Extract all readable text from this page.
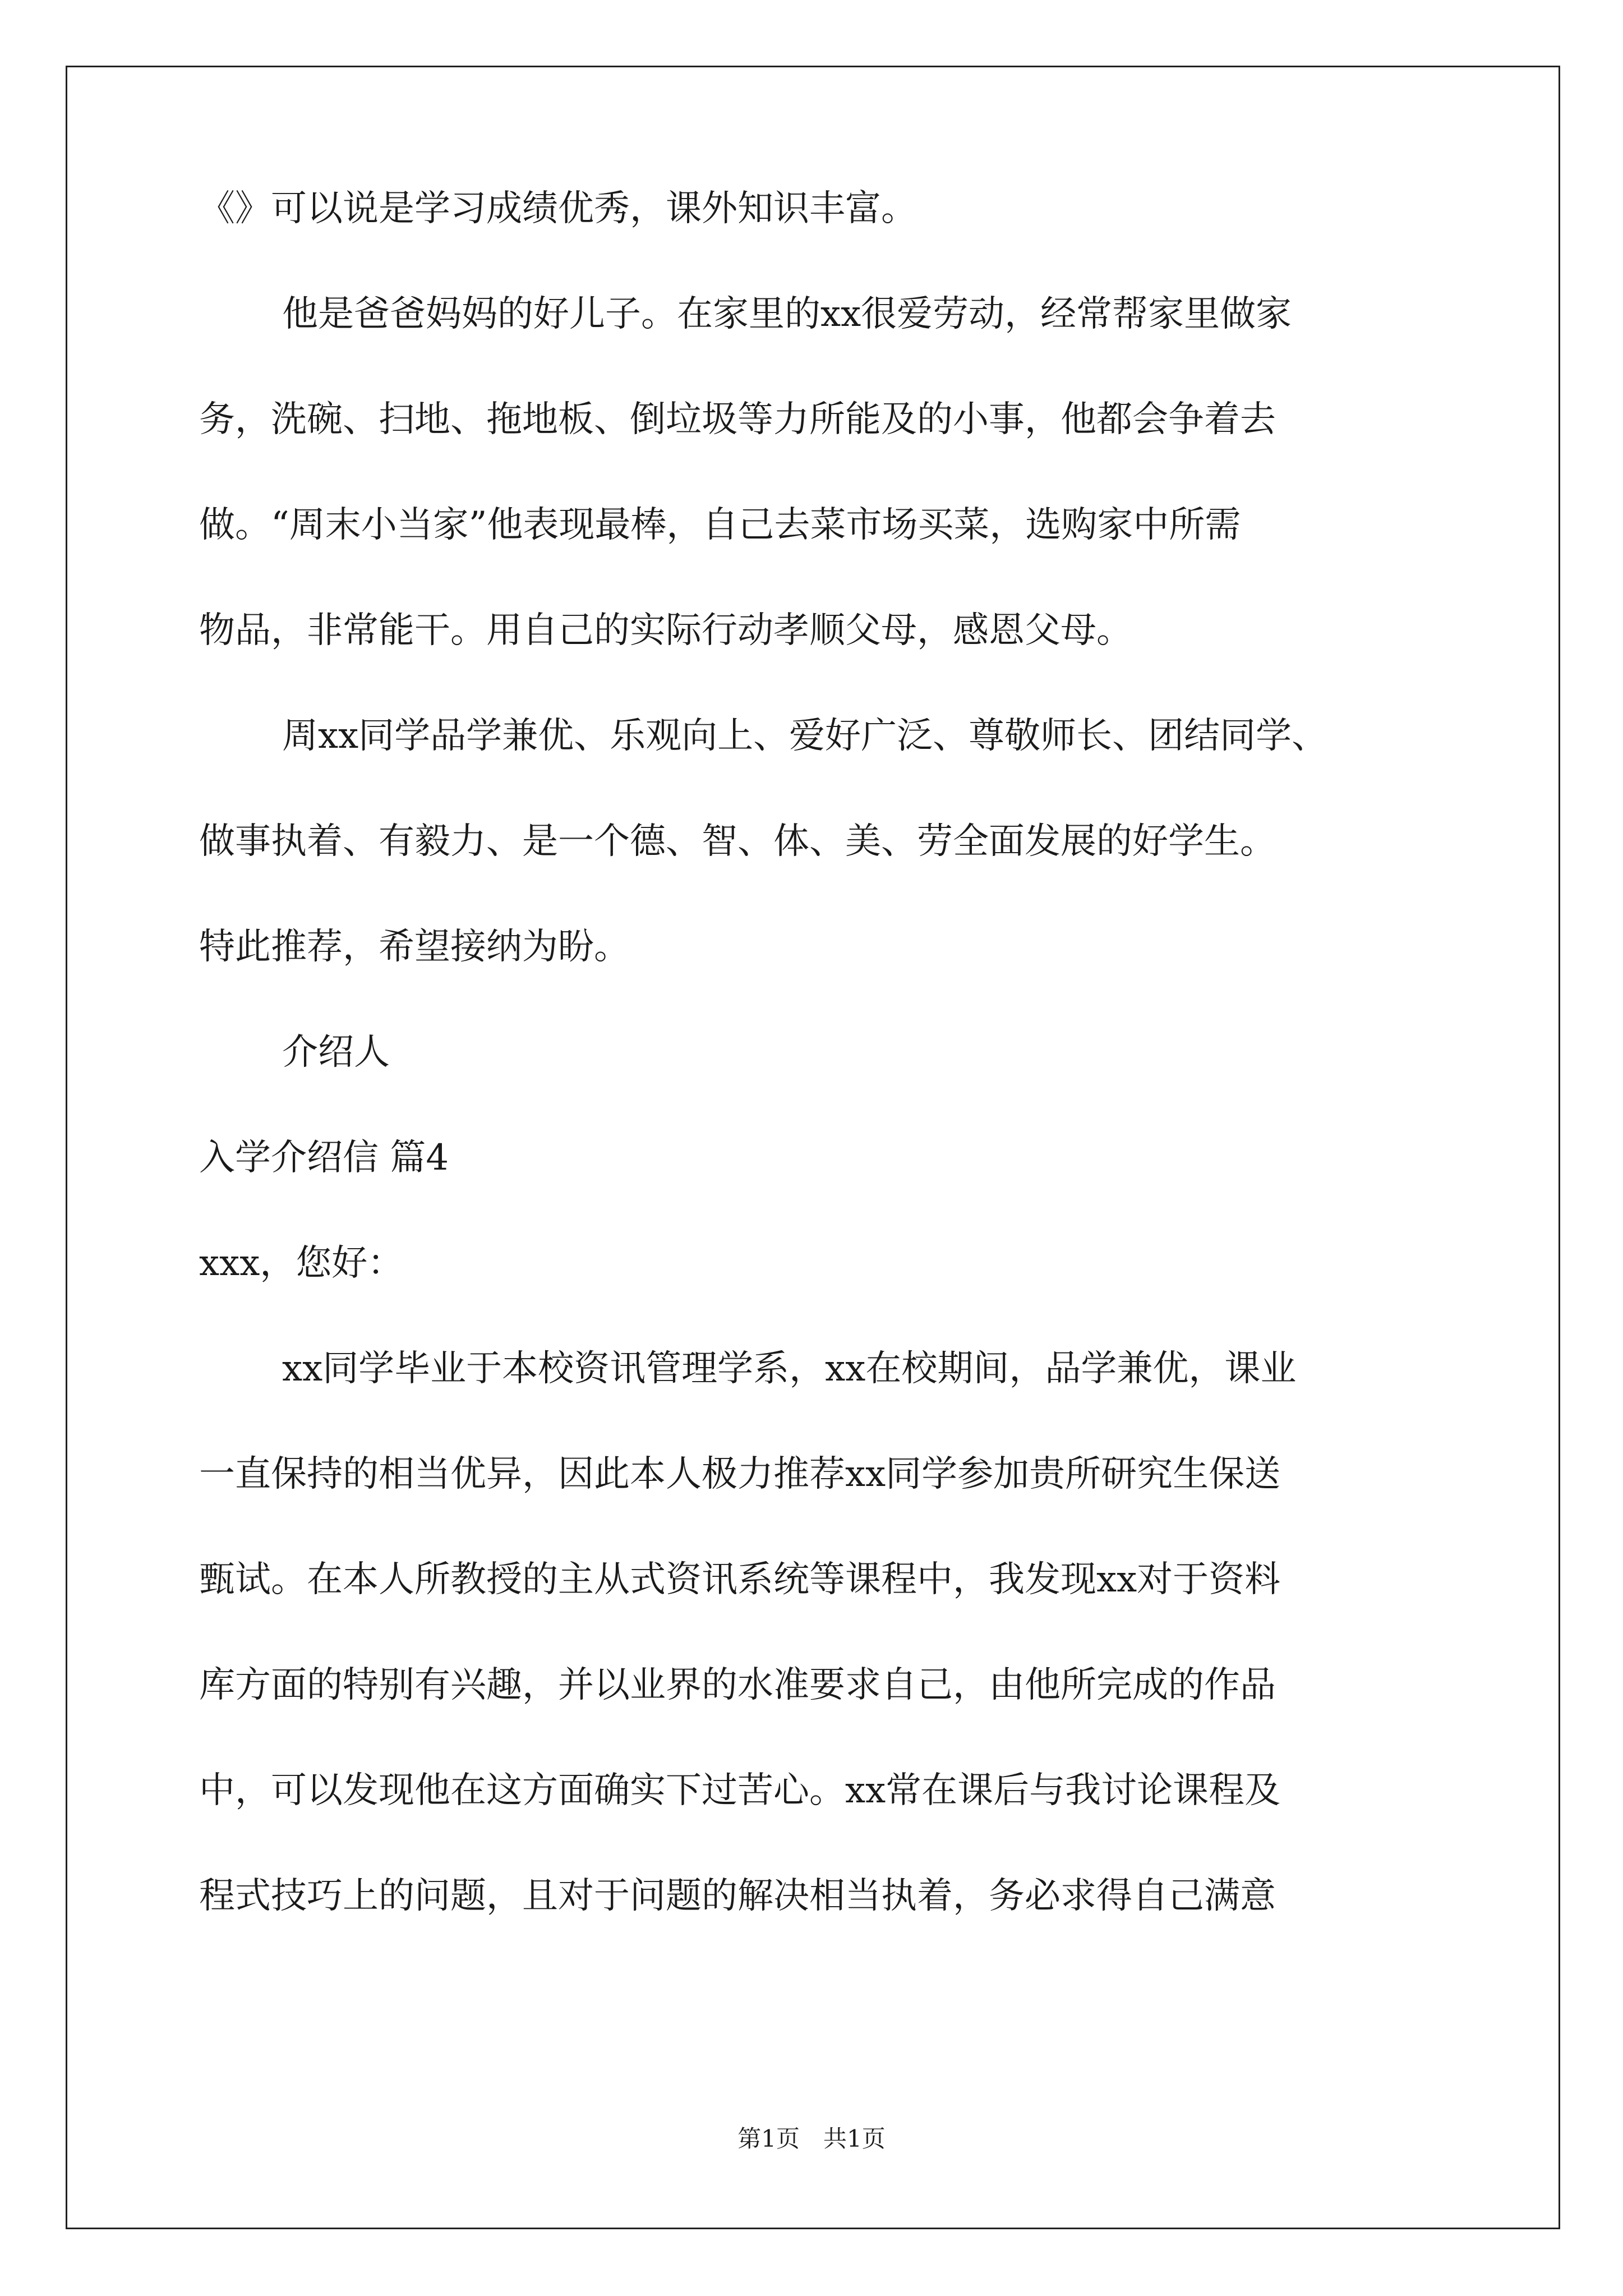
《》可以说是学习成绩优秀，课外知识丰富。

他是爸爸妈妈的好儿子。在家里的xx很爱劳动，经常帮家里做家

务，洗碗、扫地、拖地板、倒垃圾等力所能及的小事，他都会争着去

做。“周末小当家”他表现最棒，自己去菜市场买菜，选购家中所需

物品，非常能干。用自己的实际行动孝顺父母，感恩父母。

周xx同学品学兼优、乐观向上、爱好广泛、尊敬师长、团结同学、

做事执着、有毅力、是一个德、智、体、美、劳全面发展的好学生。

特此推荐，希望接纳为盼。

介绍人

入学介绍信 篇4

xxx，您好：

xx同学毕业于本校资讯管理学系，xx在校期间，品学兼优，课业

一直保持的相当优异，因此本人极力推荐xx同学参加贵所研究生保送

甄试。在本人所教授的主从式资讯系统等课程中，我发现xx对于资料

库方面的特别有兴趣，并以业界的水准要求自己，由他所完成的作品

中，可以发现他在这方面确实下过苦心。xx常在课后与我讨论课程及

程式技巧上的问题，且对于问题的解决相当执着，务必求得自己满意

第1页　共1页
